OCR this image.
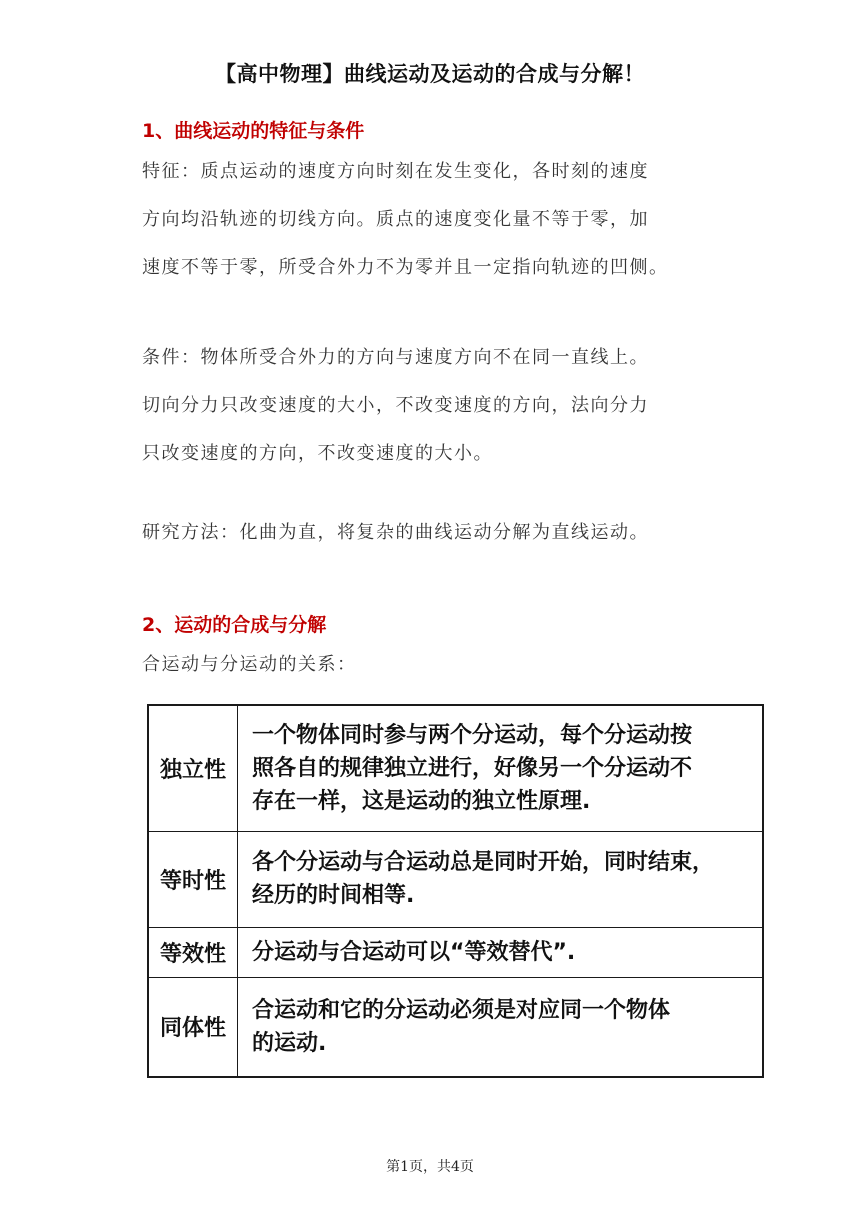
【高中物理】曲线运动及运动的合成与分解！
1、曲线运动的特征与条件
特征：质点运动的速度方向时刻在发生变化，各时刻的速度
方向均沿轨迹的切线方向。质点的速度变化量不等于零，加
速度不等于零，所受合外力不为零并且一定指向轨迹的凹侧。
条件：物体所受合外力的方向与速度方向不在同一直线上。
切向分力只改变速度的大小，不改变速度的方向，法向分力
只改变速度的方向，不改变速度的大小。
研究方法：化曲为直，将复杂的曲线运动分解为直线运动。
2、运动的合成与分解
合运动与分运动的关系：
独立性	一个物体同时参与两个分运动，每个分运动按
照各自的规律独立进行，好像另一个分运动不
存在一样，这是运动的独立性原理.

等时性	各个分运动与合运动总是同时开始，同时结束，
经历的时间相等.

等效性	分运动与合运动可以“等效替代”.

同体性	合运动和它的分运动必须是对应同一个物体
的运动.
第1页，共4页
